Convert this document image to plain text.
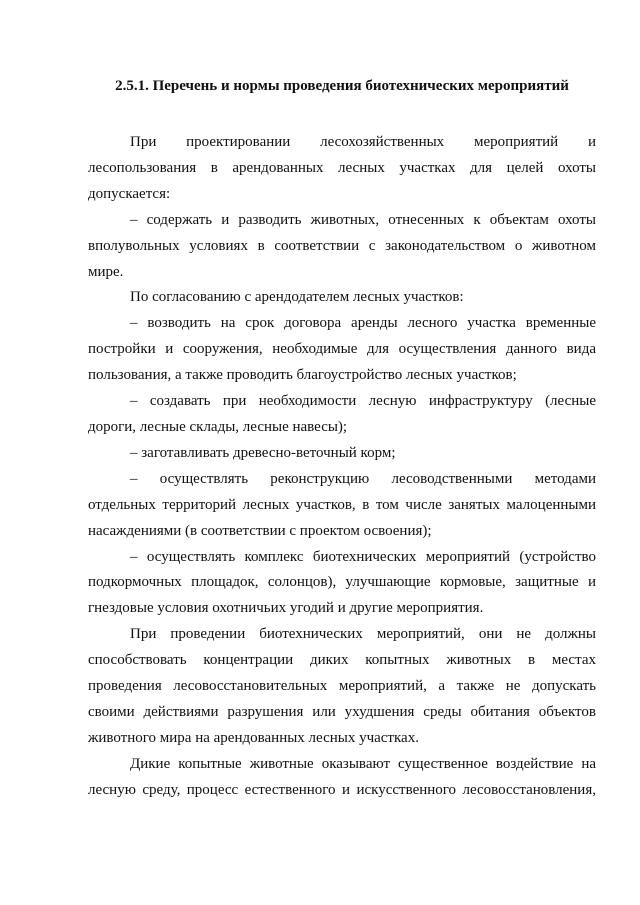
2.5.1. Перечень и нормы проведения биотехнических мероприятий
При проектировании лесохозяйственных мероприятий и
лесопользования в арендованных лесных участках для целей охоты
допускается:
– содержать и разводить животных, отнесенных к объектам охоты
вполувольных условиях в соответствии с законодательством о животном
мире.
По согласованию с арендодателем лесных участков:
– возводить на срок договора аренды лесного участка временные
постройки и сооружения, необходимые для осуществления данного вида
пользования, а также проводить благоустройство лесных участков;
– создавать при необходимости лесную инфраструктуру (лесные
дороги, лесные склады, лесные навесы);
– заготавливать древесно-веточный корм;
– осуществлять реконструкцию лесоводственными методами
отдельных территорий лесных участков, в том числе занятых малоценными
насаждениями (в соответствии с проектом освоения);
– осуществлять комплекс биотехнических мероприятий (устройство
подкормочных площадок, солонцов), улучшающие кормовые, защитные и
гнездовые условия охотничьих угодий и другие мероприятия.
При проведении биотехнических мероприятий, они не должны
способствовать концентрации диких копытных животных в местах
проведения лесовосстановительных мероприятий, а также не допускать
своими действиями разрушения или ухудшения среды обитания объектов
животного мира на арендованных лесных участках.
Дикие копытные животные оказывают существенное воздействие на
лесную среду, процесс естественного и искусственного лесовосстановления,
